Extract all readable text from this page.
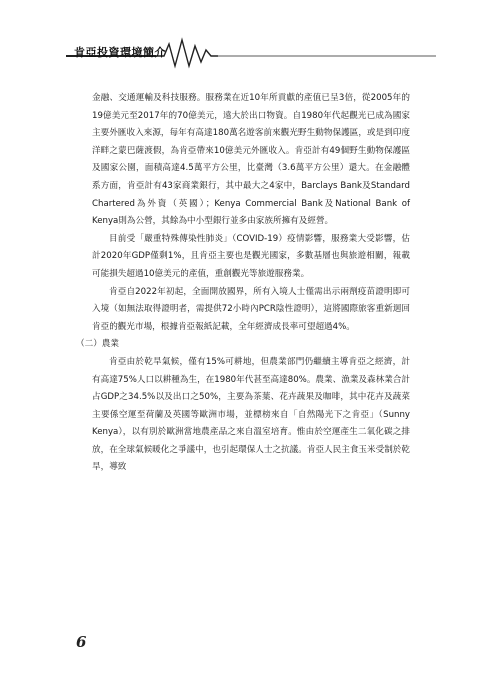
肯亞投資環境簡介

金融、交通運輸及科技服務。服務業在近10年所貢獻的產值已呈3倍，從2005年的19億美元至2017年的70億美元，遠大於出口物資。自1980年代起觀光已成為國家主要外匯收入來源，每年有高達180萬名遊客前來觀光野生動物保護區，或是到印度洋畔之蒙巴薩渡假，為肯亞帶來10億美元外匯收入。肯亞計有49個野生動物保護區及國家公園，面積高達4.5萬平方公里，比臺灣（3.6萬平方公里）還大。在金融體系方面，肯亞計有43家商業銀行，其中最大之4家中，Barclays Bank及Standard Chartered為外資（英國）；Kenya Commercial Bank及National Bank of Kenya則為公營，其餘為中小型銀行並多由家族所擁有及經營。

目前受「嚴重特殊傳染性肺炎」（COVID-19）疫情影響，服務業大受影響，估計2020年GDP僅剩1%，且肯亞主要也是觀光國家，多數基層也與旅遊相關，報載可能損失超過10億美元的產值，重創觀光等旅遊服務業。

肯亞自2022年初起，全面開放國界，所有入境人士僅需出示兩劑疫苗證明即可入境（如無法取得證明者，需提供72小時內PCR陰性證明），這將國際旅客重新迴回肯亞的觀光市場，根據肯亞報紙記載，全年經濟成長率可望超過4%。

（二）農業

肯亞由於乾旱氣候，僅有15%可耕地，但農業部門仍繼續主導肯亞之經濟，計有高達75%人口以耕種為生，在1980年代甚至高達80%。農業、漁業及森林業合計占GDP之34.5%以及出口之50%，主要為茶葉、花卉蔬果及咖啡，其中花卉及蔬菜主要係空運至荷蘭及英國等歐洲市場，並標榜來自「自然陽光下之肯亞」（Sunny Kenya），以有別於歐洲當地農產品之來自溫室培育。惟由於空運產生二氧化碳之排放，在全球氣候暖化之爭議中，也引起環保人士之抗議。肯亞人民主食玉米受制於乾旱，導致

6
